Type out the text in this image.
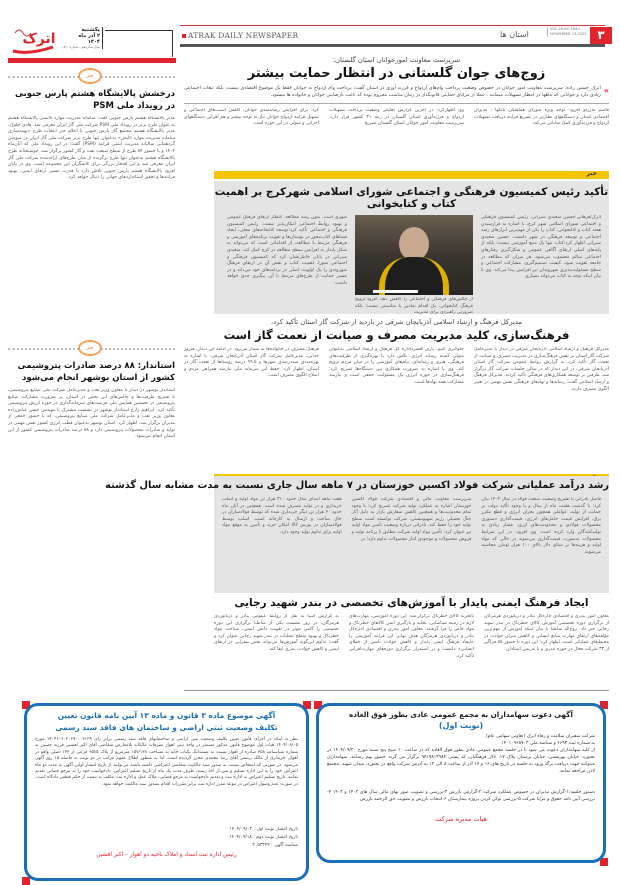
۳
VOL.16,NO.1840
NOVEMBER 23,2025
استان ها
ATRAK DAILY NEWSPAPER
اترک
یکشنبه
۲ آذر ماه ۱۴۰۴
سال شانزدهم - شماره ۱۸۴۰
خبر
درخشش پالایشگاه هشتم پارس جنوبی در رویداد ملی PSM
مدیر پالایشگاه هشتم پارس جنوبی گفت: سامانه مدیریت موارد ناایمنی پالایشگاه هشتم به عنوان طرح برتر در رویداد ملی PSM شرکت ملی گاز ایران معرفی شد. هادی چلوک، مدیر پالایشگاه هشتم مجتمع گاز پارس جنوبی با اعلام خبر انتخاب طرح «بهینه‌سازی سامانه مدیریت موارد ناایمن» به‌عنوان تنها طرح برتر شرکت ملی گاز ایران در سومین گردهمایی سالیانه مدیریت ایمنی فرایند (PSM) گفت: در این رویداد ملی که آبان‌ماه ۱۴۰۴ و با حضور ۸۴ طرح از سطح صنعت نفت و گاز کشور برگزار شد، خوشبختانه طرح پالایشگاه هشتم به‌عنوان تنها طرح برگزیده از میان طرح‌های ارائه‌شده شرکت ملی گاز ایران معرفی شد و این افتخار بزرگی برای تلاشگران این مجموعه است. وی در پایان افزود پالایشگاه هشتم پارس جنوبی تلاش دارد با قدرت مسیر ارتقای ایمنی، بهبود فرایندها و تحقق استانداردهای جهانی را دنبال خواهد کرد.
خبر
استاندار: ۸۸ درصد صادرات پتروشیمی کشور از استان بوشهر انجام می‌شود
استاندار بوشهر در دیدار با معاون وزیر نفت و مدیرعامل شرکت ملی صنایع پتروشیمی، با تشریح ظرفیت‌ها و چالش‌های این بخش در استان، بر ضرورت مشارکت صنایع پتروشیمی در نخستین همایش ملی فرصت‌های سرمایه‌گذاری در حوزه ارزش پتروشیمی تأکید کرد. ابراهیم زارع استاندار بوشهر در نشست مشترک با مهندس حسن عباس‌زاده معاون وزیر نفت و مدیرعامل شرکت ملی صنایع پتروشیمی، که با حضور جمعی از مدیران برگزار شد، اظهار کرد: استان بوشهر به‌عنوان قطب انرژی کشور نقش مهمی در تولید و صادرات محصولات پتروشیمی دارد و ۸۸ درصد صادرات پتروشیمی کشور از این استان انجام می‌شود.
سرپرست معاونت امورجوانان استان گلستان:
زوج‌های جوان گلستانی در انتظار حمایت بیشتر
«
اترک_حسین زاده: سرپرست معاونت امور جوانان در خصوص وضعیت پرداخت وام‌های ازدواج و فرزند آوری در استان گفت: پرداخت وام ازدواج به جوانان فقط یک موضوع اقتصادی نیست، بلکه تبعات اجتماعی زیادی دارد و جوانانی که ماهها در انتظار تسهیلات میمانند ، عملا از مزایای حمایتی قانونگذار در زمان مناسب محروم بوده که باعث نارضایتی جوانان و خانواده ها میشود.
قاسم مازرلو افزود: توجه ویژه شورای هماهنگی بانکها ، مدیران اقتصادی استان و دستگاههای نظارتی در تسریع فرایند دریافت تسهیلات ازدواج و فرزندآوری کمک شایانی می‌کند.
وی اظهارکرد: در آخرین گزارش تحلیلی وضعیت پرداخت تسهیلات ازدواج و فرزندآوری استان گلستان در رتبه ۳۱ کشور قرار دارد. سرپرست معاونت امور جوانان استان گلستان تصریح
کرد: برای افزایش رضایتمندی جوانان، کاهش آسیب‌های اجتماعی و تسهیل فرایند ازدواج جوانان نیاز به توجه بیشتر و هم افزایی دستگاههای اجرایی و متولی در این حوزه است.
خبر
تأکید رئیس کمیسیون فرهنگی و اجتماعی شورای اسلامی شهرکرج بر اهمیت کتاب و کتابخوانی
اترک/فرهانی:حسین سعیدی سیرانی، رئیس کمیسیون فرهنگی و اجتماعی شورای اسلامی شهر کرج، با اشاره به فرارسیدن هفته کتاب و کتابخوانی، کتاب را یکی از مهم‌ترین ابزارهای رشد اجتماعی و توسعه فرهنگی در شهر دانست. حسین سعیدی سیرانی اظهار کرد:کتاب تنها یک منبع آموزشی نیست؛ بلکه از پایه‌های اصلی ارتقای آگاهی عمومی و شکل‌گیری رفتارهای اجتماعی سالم محسوب می‌شود. هر میزان که مطالعه در جامعه تقویت شود، کیفیت تصمیم‌گیری، مشارکت اجتماعی و سطح مسئولیت‌پذیری شهروندان نیز افزایش پیدا می‌کند. وی با بیان اینکه توجه به کتاب می‌تواند بسیاری
از چالش‌های فرهنگی و اجتماعی را کاهش دهد، افزود:ترویج فرهنگ کتابخوانی، یک اقدام نمادین یا مناسبتی نیست؛ بلکه ضرورتی راهبردی برای مدیریت
شهری است. بدون رشد مطالعه، انتظار ارتقای فرهنگ عمومی و بهبود روابط اجتماعی امکان‌پذیر نیست. رئیس کمیسیون فرهنگی و اجتماعی تأکید کرد:توسعه کتابخانه‌های محلی، ایجاد فضاهای کتاب‌محور در بوستان‌ها و تقویت برنامه‌های آموزشی و فرهنگی مرتبط با مطالعه، از اقداماتی است که می‌تواند به شکل پایدار به افزایش سطح مطالعه در کرج کمک کند. سعیدی سیرانی در پایان خاطرنشان کرد که کمیسیون فرهنگی و اجتماعی شورا، اهمیت کتاب و نقش آن در ارتقای فرهنگ شهروندی را یک اولویت اصلی در برنامه‌های خود می‌داند و در مسیر حمایت از طرح‌های مرتبط با آن، پیگیری جدی خواهد داشت.
مدیرکل فرهنگ و ارشاد اسلامی آذربایجان شرقی در بازدید از شرکت گاز استان تأکید کرد،
فرهنگ‌سازی، کلید مدیریت مصرف و صیانت از نعمت گاز است
مدیرکل فرهنگ و ارشاد اسلامی آذربایجان شرقی در دیدار با مدیرعامل شرکت گاز استان بر نقش فرهنگ‌سازی در مدیریت مصرف و صیانت از نعمت گاز تأکید کرد. به گزارش روابط عمومی شرکت گاز استان آذربایجان شرقی، در این دیدار که در سالن جلسات شرکت گاز برگزار شد، طرفین بر توسعه همکاری‌های فرهنگی تأکید کردند. مدیرکل فرهنگ و ارشاد اسلامی گفت: رسانه‌ها و نهادهای فرهنگی نقش مهمی در تغییر الگوی مصرف دارند.
جلوگیری کنیم. یاری افشرد‌اداره کل فرهنگ و ارشاد اسلامی به‌عنوان متولی کمیته رسانه انرژی، تلاش دارد با بهره‌گیری از ظرفیت‌های فرهنگی، هنری و رسانه‌ای، پیام‌های آموزشی را در میان مردم ترویج کند. وی با اشاره به ضرورت همکاری بین دستگاه‌ها تصریح کرد: فرهنگ‌سازی در حوزه انرژی یک مسئولیت جمعی است و نیازمند مشارکت همه نهادها است.
فرهنگ مصرف در خانواده‌ها به شمار می‌رود. در ادامه این دیدار، فیروز خدایی، مدیرعامل شرکت گاز استان آذربایجان شرقی، با اشاره به بهره‌مندی صددرصدی شهرها و ۹۹.۵ درصد روستاها از نعمت گاز در استان، اظهار کرد: حفظ این سرمایه ملی نیازمند همراهی مردم و اصلاح الگوی مصرف است.
رشد درآمد عملیاتی شرکت فولاد اکسین خوزستان در ۷ ماهه سال جاری نسبت به مدت مشابه سال گذشته
فاضل نادرانی با تشریح وضعیت صنعت فولاد در سال ۱۴۰۴ بیان کرد: با گذشت هشت ماه از سال و با وجود تأکید دولت بر حمایت از تولید، عواملی همچون بحران انرژی و قطع مکرر برق، افزایش قیمت حامل‌های انرژی، قیمت‌گذاری دستوری محصولات فولادی و محدودیت‌های ارزی، فشار زیادی به تولیدکنندگان وارد کرده است. وی افزود: در این شرایط محصولات به‌صورت قیمت‌گذاری می‌شوند در حالی که مواد اولیه و هزینه‌ها بر مبنای دلار بالای ۱۰۰ هزار تومان محاسبه می‌شوند.
سرپرست معاونت مالی و اقتصادی شرکت فولاد اکسین خوزستان اشاره به عملکرد تولید شرکت تصریح کرد: با وجود تمام محدودیت‌ها و همچنین کاهش سفارش بازار به دلیل آثار جنگ تحمیلی رژیم صهیونیستی، شرکت توانسته است سطح تولید خود را حفظ کند. نادرانی درباره وضعیت تأمین مواد اولیه نیز عنوان کرد: تأمین مواد اولیه شرکت مطابق با برنامه تولید و فروش محصولات و موجودی انبار محصولات تداوم دارد؛ در
هفت ماهه ابتدای سال حدود ۳۱۰ هزار تن مواد اولیه و اسلب خریداری و در تولید مصرف شده است. همچنین در آبان ماه حدود ۷۰ هزار تن دیگر خریداری شده که توسط فولادسازان در حال ساخت و ارسال به کارخانه است. اسلب توسط فولادسازان در بورس کالا امکان خرید و تأمین به موقع مواد اولیه برای تداوم تولید وجود دارد.
ایجاد فرهنگ ایمنی پایدار با آموزش‌های تخصصی در بندر شهید رجایی
معاون امور بندری و اقتصادی اداره‌کل بنادر و دریانوردی هرمزگان از برگزاری دوره تخصصی آموزش کالای خطرناک در بندر شهید رجایی خبر داد. روح‌اله شاطبا با بیان اینکه آموزش از مهم‌ترین مؤلفه‌های ارتقای مهارت منابع انسانی و کاهش میزان حوادث در محیط‌های عملیاتی است، اظهار کرد: این دوره با حضور ۸۵ فراگیر از ۳۳ شرکت فعال در حوزه بندری و با تدریس استادان
باتجربه‌ کالای خطرناک برگزار شد. این دوره آموزشی، مهارت‌های لازم در زمینه شناسایی، تخلیه و بارگیری ایمن کالاهای خطرناک و مواد خاص را فرا گرفتند. معاون امور بندری و اقتصادی اداره‌کل بنادر و دریانوردی هرمزگان هدف نهایی این فرایند آموزشی را «ایجاد فرهنگ ایمنی پایدار و کاهش حوادث ناشی از خطای انسانی» دانست و بر استمرار برگزاری دوره‌های مهارت‌افزایی تأکید کرد.
به گزارش اسپا به نقل از روابط عمومی بنادر و دریانوردی هرمزگان، در روز نشست یکی از شاطبا برگزاری این دوره تخصصی را گامی موثر در تقویت دانش ایمنی، شناخت مواد خطرناک و بهبود سطح عملیات در بندر شهید رجایی عنوان کرد و گفت: تداوم این‌گونه آموزش‌ها می‌تواند نقش بسزایی در ارتقای ایمنی و کاهش حوادث بندری ایفا کند.
آگهی موضوع ماده ۳ قانون و ماده ۱۳ آیین نامه قانون تعیین تکلیف وضعیت ثبتی اراضی و ساختمان های فاقد سند رسمی
نظر به اینکه در اجرای قانون تعیین تکلیف وضعیت ثبتی اراضی و ساختمانهای فاقد سند رسمی برابر رای ۱۴۰۴۶۰۳۰۲۰۶۹۰۰۰۳۱۲۹ مورخ ۱۴۰۴/۰۸/۰۵ هیات اول موضوع قانون مذکور مستقر در واحد ثبتی اهواز تصرفات مالکانه بلامعارض متقاضی آقای اکبر افشین فرزند حسین به شماره شناسنامه ۳۵۸ صادره از اهواز نسبت به ششدانگ یکباب خانه به مساحت ۱۵۷/۱۳۸ مترمربع از پلاک ۳۵۸۵ فرعی از ۱۴۲ اصلی واقع در اهواز، خریداری از مالک رسمی آقای رضا محمدی محرز گردیده است. لذا به منظور اطلاع عموم مراتب در دو نوبت به فاصله ۱۵ روز آگهی می‌شود. در صورتی که اشخاص نسبت به صدور سند مالکیت متقاضی اعتراضی داشته باشند می‌توانند از تاریخ انتشار اولین آگهی به مدت دو ماه اعتراض خود را به این اداره تسلیم و پس از اخذ رسید، ظرف مدت یک ماه از تاریخ تسلیم اعتراض، دادخواست خود را به مرجع قضایی تقدیم نمایند. تاریخ تسلیم اعتراض به اداره ثبت و تقدیم دادخواست به مرجع قضایی، ملاک عمل و اداره ثبت مکلف به تبعیت از حکم قطعی دادگاه است. در صورت عدم وصول اعتراض در موعد مقرر اداره ثبت برابر مقررات اقدام بصدور سند مالکیت خواهد نمود.
تاریخ انتشار نوبت اول : ۱۴۰۴/۰۹/۰۲
تاریخ انتشار نوبت دوم : ۱۴۰۴/۰۹/۱۸
شناسه آگهی : ۲۰۵۳۳۴۴
رئیس اداره ثبت اسناد و املاک ناحیه دو اهواز – اکبر افشین
آگهی دعوت سهامداران به مجمع عمومی عادی بطور فوق العاده
(نوبت اول)
شرکت سفیران سلامت و رفاه اترک (تعاونی سهامی عام)
به شماره ثبت ۶۶۹۳ و شناسه ملی ۱۴۰۱۰۹۶۸۷۰۳
از کلیه سهامداران دعوت می شود تا در جلسه مجمع عمومی عادی بطور فوق العاده که در ساعت ۱۰ صبح پنج شنبه مورخ ۱۴۰۴/۰۹/۲۰ در بجنورد، خیابان بهزیستی، خیابان پرستار، پلاک ۱۷، تالار فرهنگیان، کد پستی ۹۴۱۷۸۱۳۹۸۴ برگزار می گردد حضور بهم رسانند. سهامداران میتوانند جهت دریافت برگه ورود به جلسه در تاریخ های ۱۶ و ۱۷ آذر از ساعت ۸ الی ۱۲ به آدرس شرکت واقع در بجنورد، میدان شهید، مجتمع لادن مراجعه نمایند.
دستور جلسه:۱-گزارش مدیران در خصوص عملکرد شرکت ۲-گزارش بازرس ۳-بررسی و تصویب صور تهای مالی سال های ۱۴۰۲ و ۱۴۰۳ ۴-بررسی آیین نامه حقوق و مزایا شرکت ۵-بررسی توکن کردن پروژه بیمارستان ۶-انتخاب بازرس و تصویب حق الزحمه بازرس
هیات مدیره شرکت
